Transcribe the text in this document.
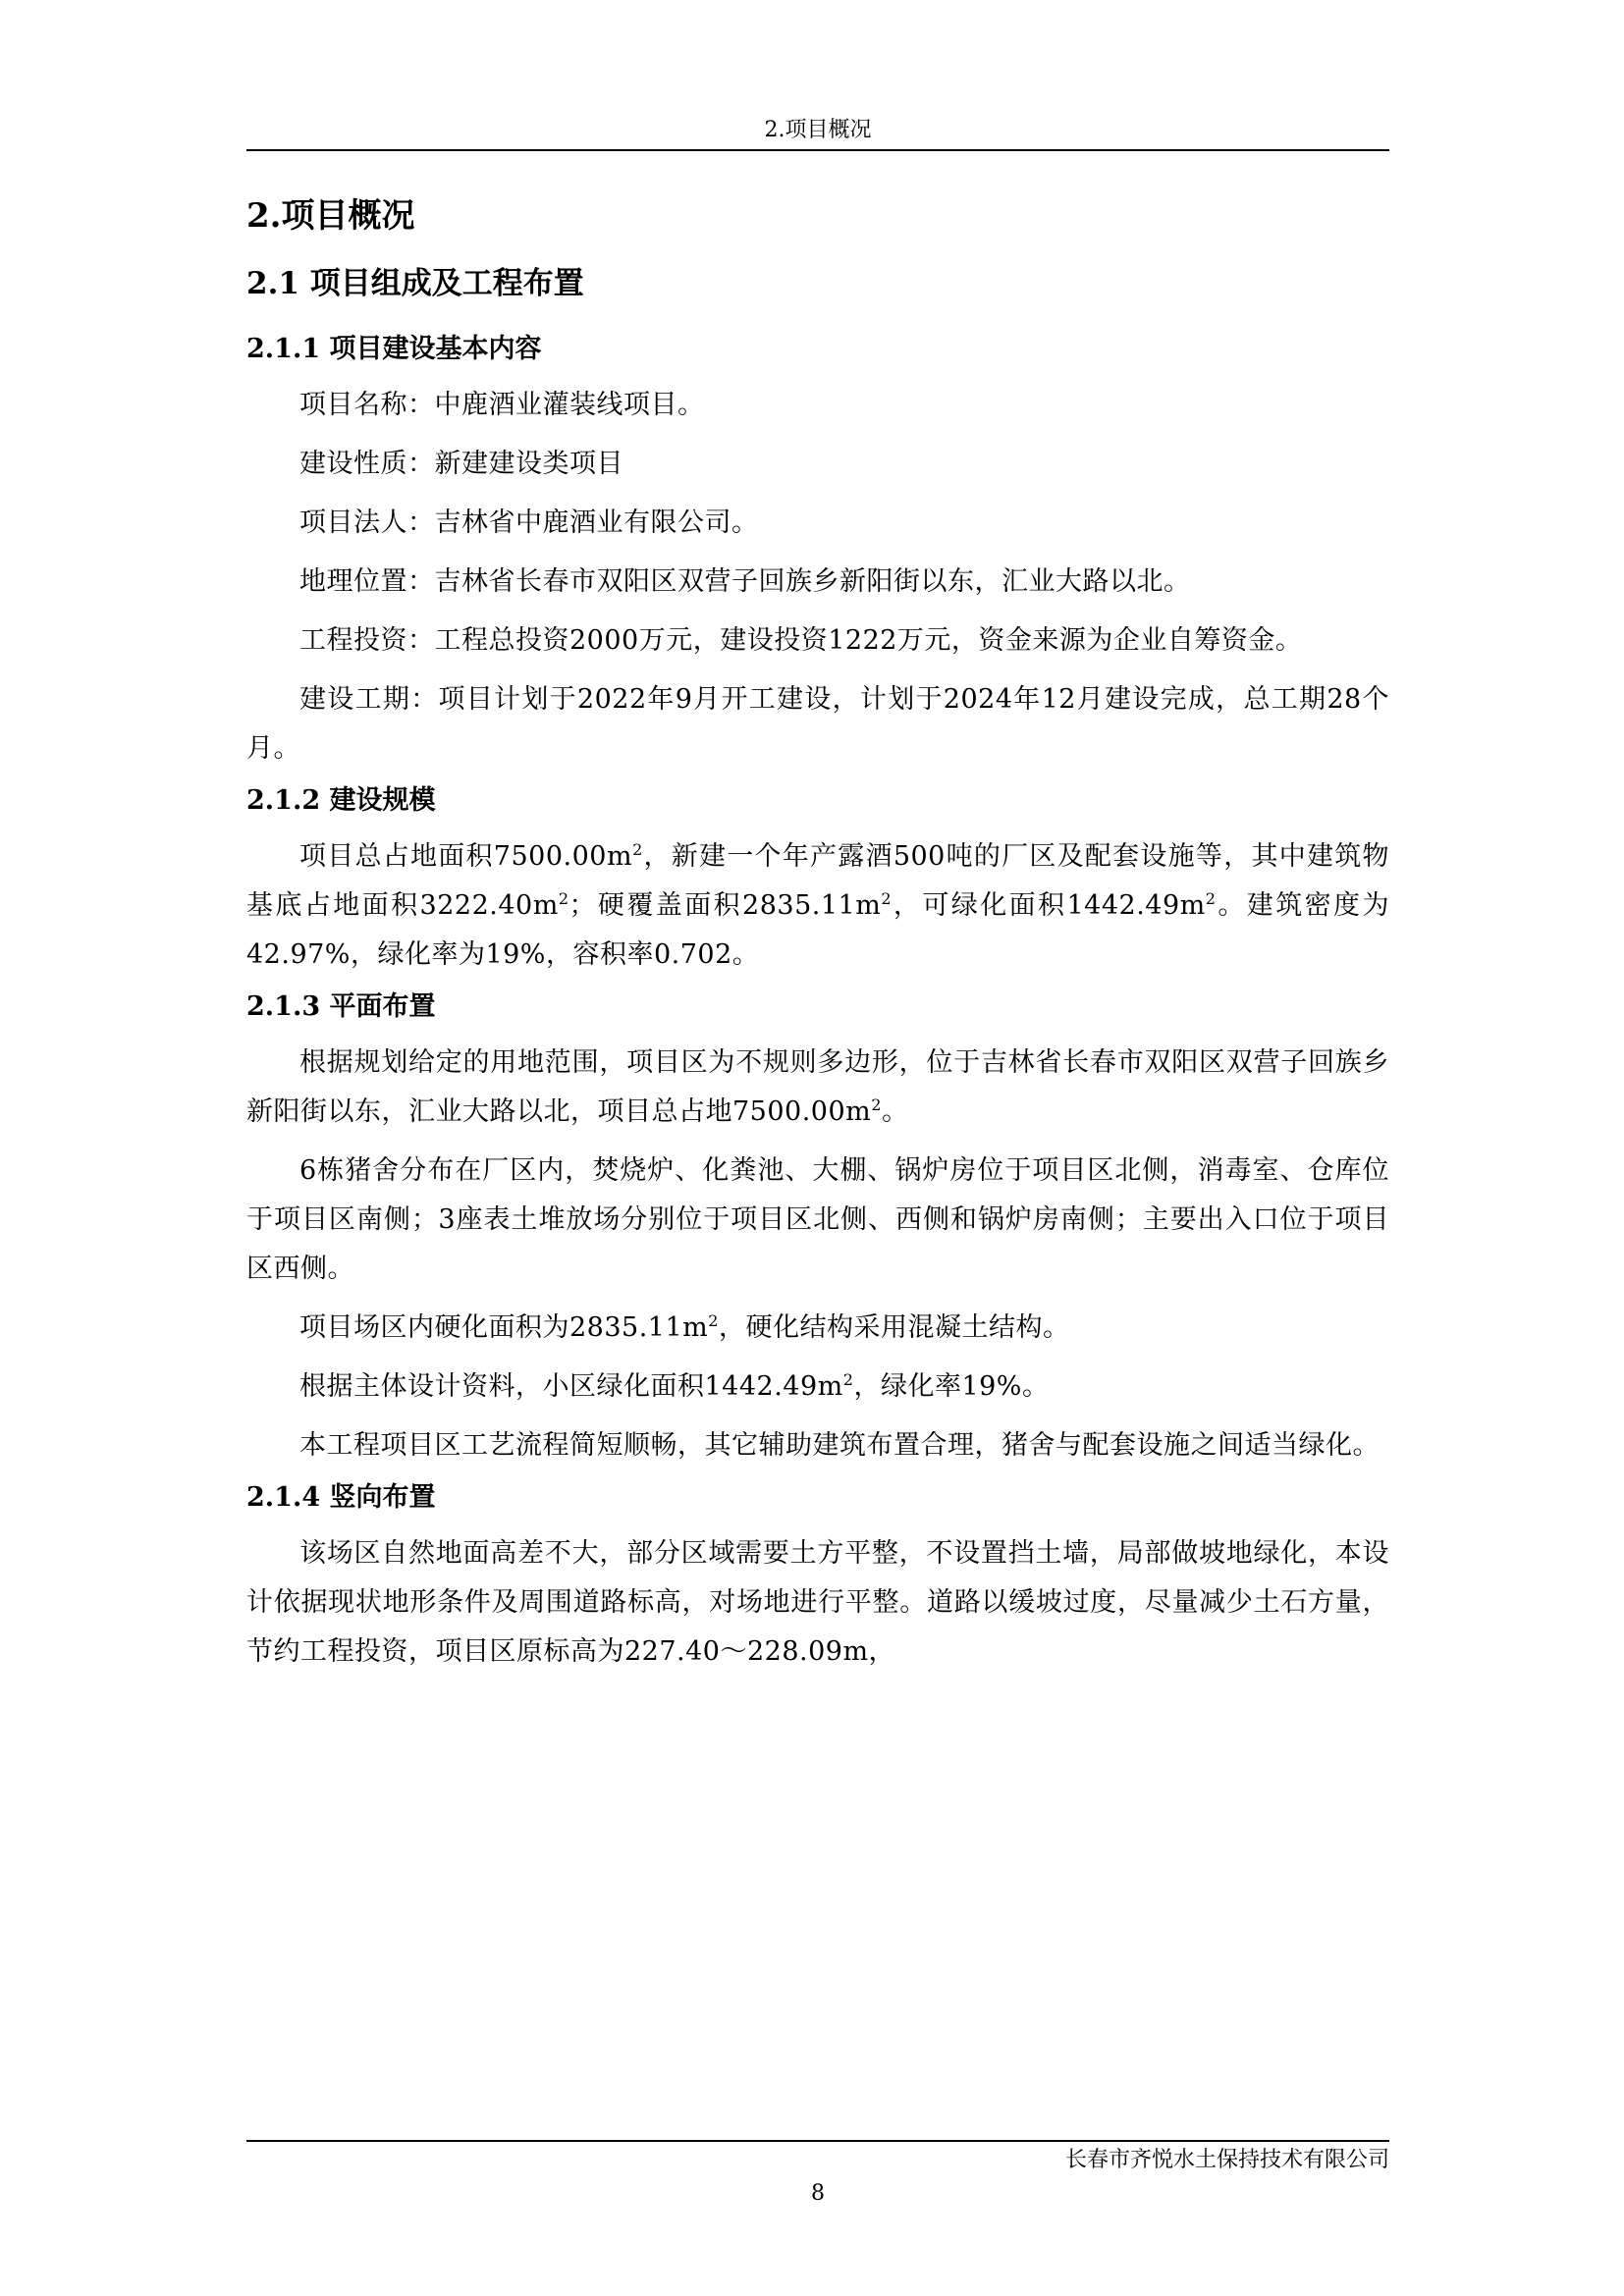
2.项目概况
2.项目概况
2.1 项目组成及工程布置
2.1.1 项目建设基本内容
项目名称：中鹿酒业灌装线项目。
建设性质：新建建设类项目
项目法人：吉林省中鹿酒业有限公司。
地理位置：吉林省长春市双阳区双营子回族乡新阳街以东，汇业大路以北。
工程投资：工程总投资2000万元，建设投资1222万元，资金来源为企业自筹资金。
建设工期：项目计划于2022年9月开工建设，计划于2024年12月建设完成，总工期28个月。
2.1.2 建设规模
项目总占地面积$7500.00m^2$，新建一个年产露酒500吨的厂区及配套设施等，其中建筑物基底占地面积$3222.40m^2$；硬覆盖面积$2835.11m^2$，可绿化面积$1442.49m^2$。建筑密度为42.97%，绿化率为19%，容积率0.702。
2.1.3 平面布置
根据规划给定的用地范围，项目区为不规则多边形，位于吉林省长春市双阳区双营子回族乡新阳街以东，汇业大路以北，项目总占地$7500.00m^2$。
6栋猪舍分布在厂区内，焚烧炉、化粪池、大棚、锅炉房位于项目区北侧，消毒室、仓库位于项目区南侧；3座表土堆放场分别位于项目区北侧、西侧和锅炉房南侧；主要出入口位于项目区西侧。
项目场区内硬化面积为$2835.11m^2$，硬化结构采用混凝土结构。
根据主体设计资料，小区绿化面积$1442.49m^2$，绿化率19%。
本工程项目区工艺流程简短顺畅，其它辅助建筑布置合理，猪舍与配套设施之间适当绿化。
2.1.4 竖向布置
该场区自然地面高差不大，部分区域需要土方平整，不设置挡土墙，局部做坡地绿化，本设计依据现状地形条件及周围道路标高，对场地进行平整。道路以缓坡过度，尽量减少土石方量，节约工程投资，项目区原标高为227.40～228.09m，
长春市齐悦水土保持技术有限公司
8
